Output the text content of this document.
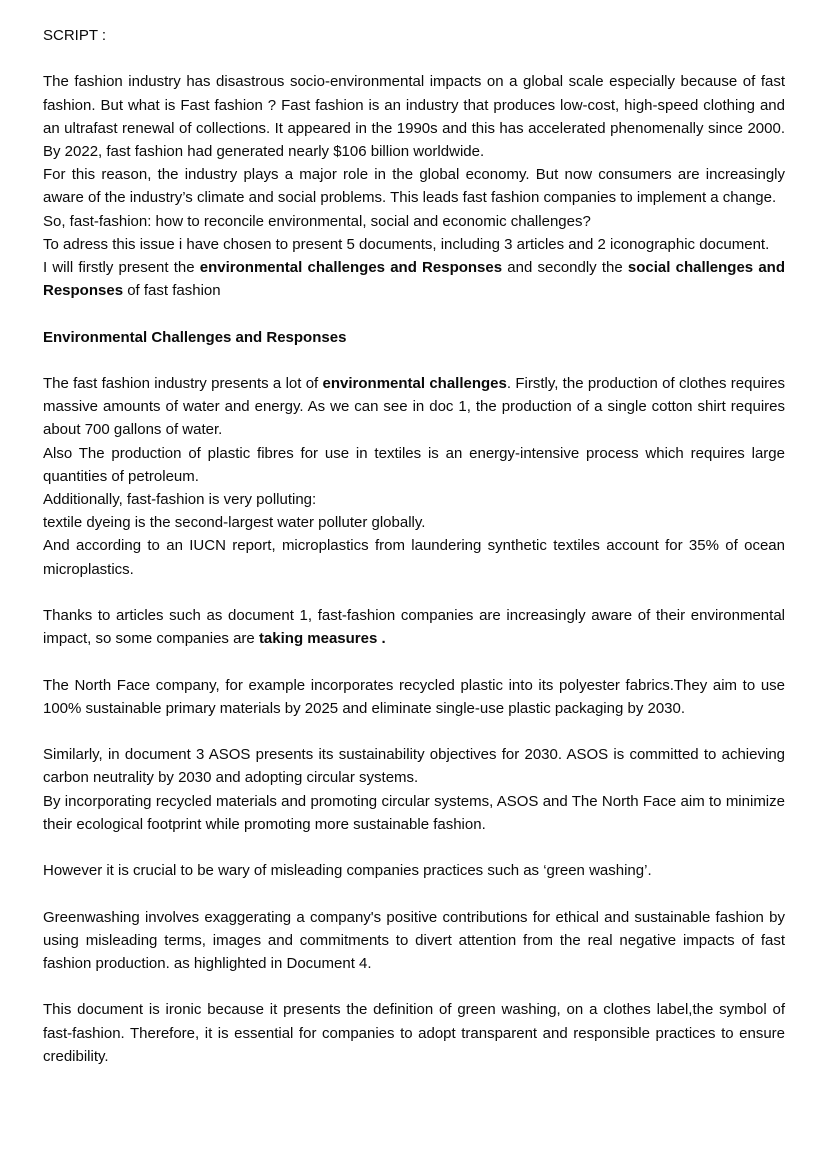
SCRIPT :

The fashion industry has disastrous socio-environmental impacts on a global scale especially because of fast fashion. But what is Fast fashion ? Fast fashion is an industry that produces low-cost, high-speed clothing and an ultrafast renewal of collections. It appeared in the 1990s and this has accelerated phenomenally since 2000. By 2022, fast fashion had generated nearly $106 billion worldwide.

For this reason, the industry plays a major role in the global economy. But now consumers are increasingly aware of the industry’s climate and social problems. This leads fast fashion companies to implement a change.

So, fast-fashion: how to reconcile environmental, social and economic challenges?

To adress this issue i have chosen to present 5 documents, including 3 articles and 2 iconographic document.

I will firstly present the environmental challenges and Responses and secondly the social challenges and Responses of fast fashion

Environmental Challenges and Responses

The fast fashion industry presents a lot of environmental challenges. Firstly, the production of clothes requires massive amounts of water and energy. As we can see in doc 1, the production of a single cotton shirt requires about 700 gallons of water.

Also The production of plastic fibres for use in textiles is an energy-intensive process which requires large quantities of petroleum.

Additionally, fast-fashion is very polluting:

textile dyeing is the second-largest water polluter globally.

And according to an IUCN report, microplastics from laundering synthetic textiles account for 35% of ocean microplastics.

Thanks to articles such as document 1, fast-fashion companies are increasingly aware of their environmental impact, so some companies are taking measures .

The North Face company, for example incorporates recycled plastic into its polyester fabrics.They aim to use 100% sustainable primary materials by 2025 and eliminate single-use plastic packaging by 2030.

Similarly, in document 3 ASOS presents its sustainability objectives for 2030. ASOS is committed to achieving carbon neutrality by 2030 and adopting circular systems.

By incorporating recycled materials and promoting circular systems, ASOS and The North Face aim to minimize their ecological footprint while promoting more sustainable fashion.

However it is crucial to be wary of misleading companies practices such as ‘green washing’.

Greenwashing involves exaggerating a company's positive contributions for ethical and sustainable fashion by using misleading terms, images and commitments to divert attention from the real negative impacts of fast fashion production. as highlighted in Document 4.

This document is ironic because it presents the definition of green washing, on a clothes label,the symbol of fast-fashion. Therefore, it is essential for companies to adopt transparent and responsible practices to ensure credibility.
